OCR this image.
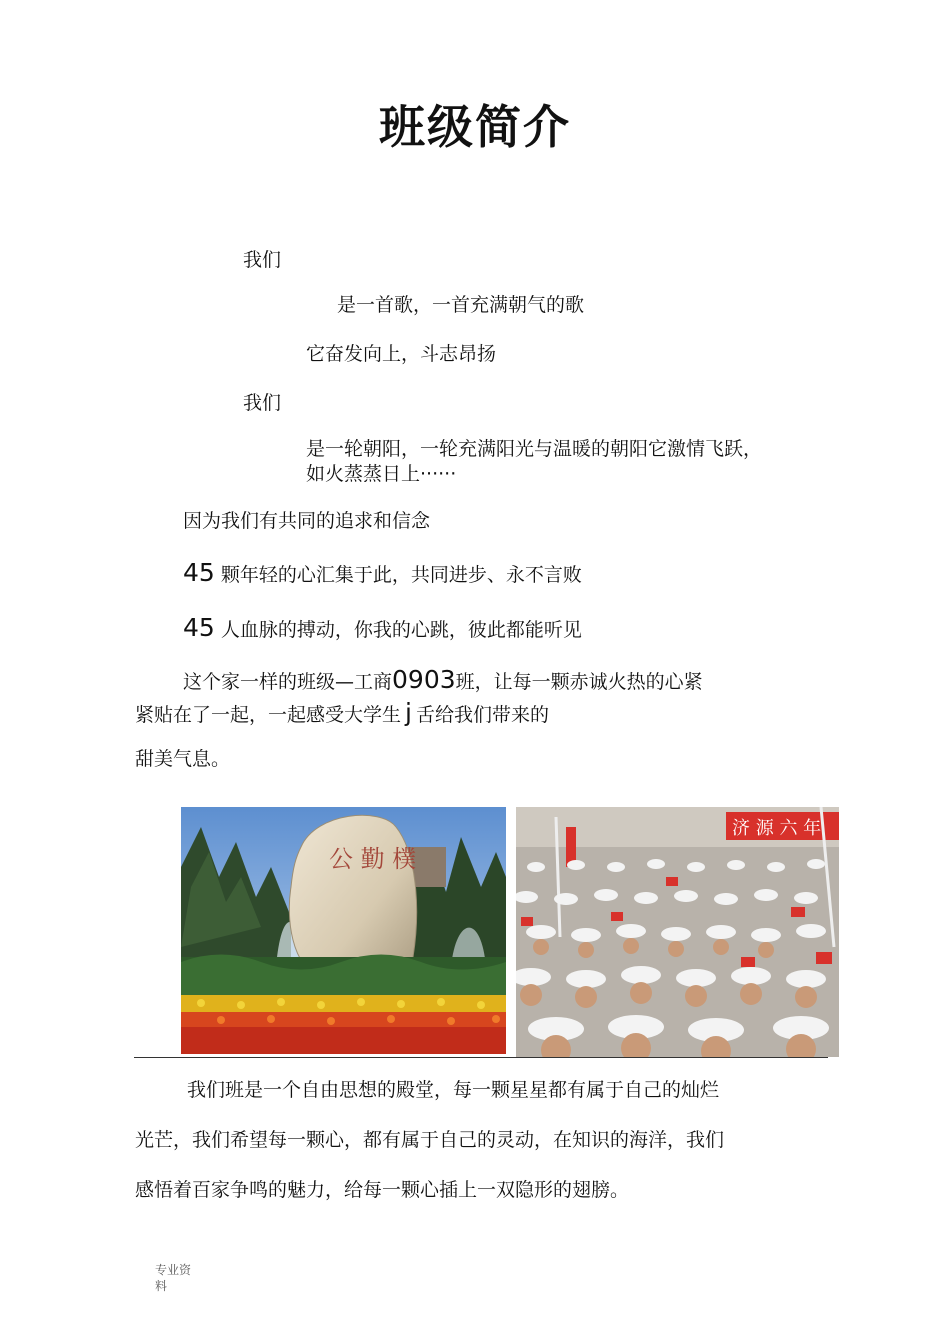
班级简介
我们
是一首歌，一首充满朝气的歌
它奋发向上，斗志昂扬
我们
是一轮朝阳，一轮充满阳光与温暖的朝阳它激情飞跃，
如火蒸蒸日上······
因为我们有共同的追求和信念
45 颗年轻的心汇集于此，共同进步、永不言败
45 人血脉的搏动，你我的心跳，彼此都能听见
这个家一样的班级—工商0903班，让每一颗赤诚火热的心紧
紧贴在了一起，一起感受大学生 j 舌给我们带来的
甜美气息。
公 勤 樸
济 源 六 年
我们班是一个自由思想的殿堂，每一颗星星都有属于自己的灿烂
光芒，我们希望每一颗心，都有属于自己的灵动，在知识的海洋，我们
感悟着百家争鸣的魅力，给每一颗心插上一双隐形的翅膀。
专业资
料
